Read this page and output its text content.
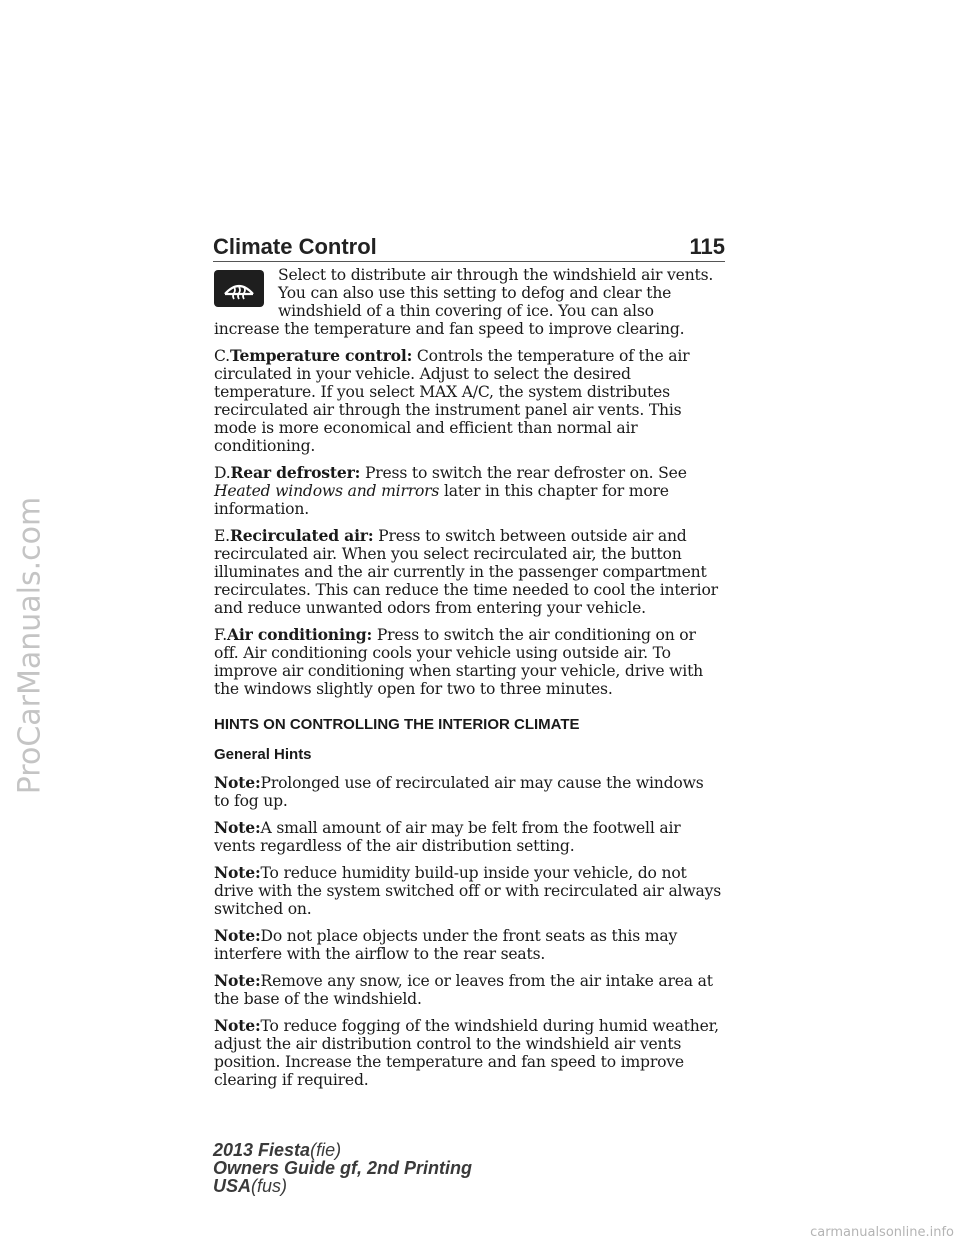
ProCarManuals.com
Climate Control	115

Select to distribute air through the windshield air vents. You can also use this setting to defog and clear the windshield of a thin covering of ice. You can also increase the temperature and fan speed to improve clearing.

C.Temperature control: Controls the temperature of the air circulated in your vehicle. Adjust to select the desired temperature. If you select MAX A/C, the system distributes recirculated air through the instrument panel air vents. This mode is more economical and efficient than normal air conditioning.

D.Rear defroster: Press to switch the rear defroster on. See Heated windows and mirrors later in this chapter for more information.

E.Recirculated air: Press to switch between outside air and recirculated air. When you select recirculated air, the button illuminates and the air currently in the passenger compartment recirculates. This can reduce the time needed to cool the interior and reduce unwanted odors from entering your vehicle.

F.Air conditioning: Press to switch the air conditioning on or off. Air conditioning cools your vehicle using outside air. To improve air conditioning when starting your vehicle, drive with the windows slightly open for two to three minutes.

HINTS ON CONTROLLING THE INTERIOR CLIMATE
General Hints

Note:Prolonged use of recirculated air may cause the windows to fog up.

Note:A small amount of air may be felt from the footwell air vents regardless of the air distribution setting.

Note:To reduce humidity build-up inside your vehicle, do not drive with the system switched off or with recirculated air always switched on.

Note:Do not place objects under the front seats as this may interfere with the airflow to the rear seats.

Note:Remove any snow, ice or leaves from the air intake area at the base of the windshield.

Note:To reduce fogging of the windshield during humid weather, adjust the air distribution control to the windshield air vents position. Increase the temperature and fan speed to improve clearing if required.

2013 Fiesta(fie)
Owners Guide gf, 2nd Printing
USA(fus)
carmanualsonline.info
